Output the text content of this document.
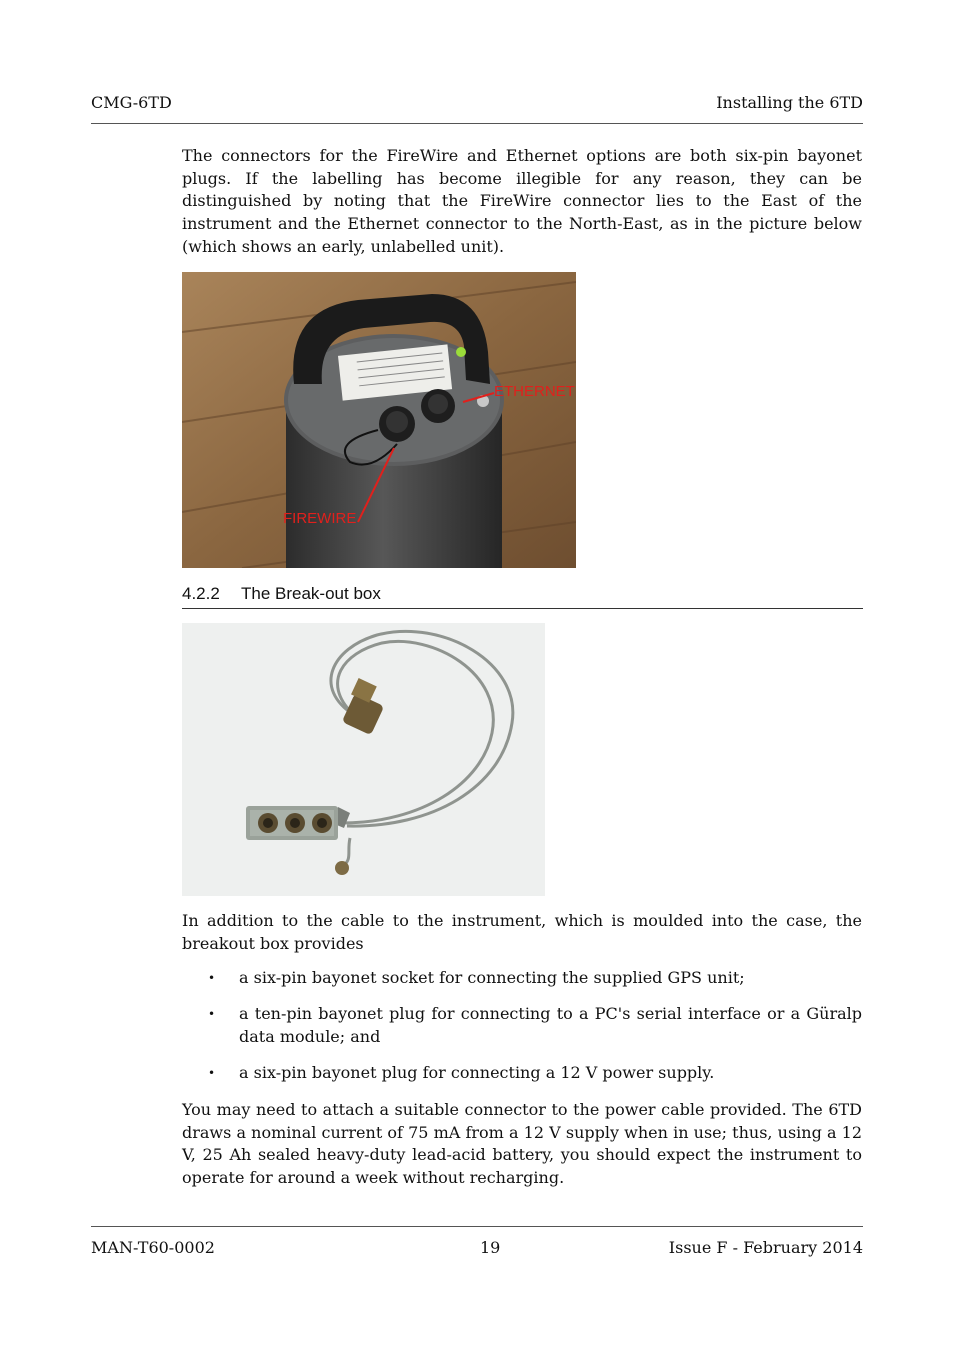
CMG-6TD	Installing the 6TD

The connectors for the FireWire and Ethernet options are both six-pin bayonet plugs. If the labelling has become illegible for any reason, they can be distinguished by noting that the FireWire connector lies to the East of the instrument and the Ethernet connector to the North-East, as in the picture below (which shows an early, unlabelled unit).

ETHERNET
FIREWIRE
4.2.2 The Break-out box

In addition to the cable to the instrument, which is moulded into the case, the breakout box provides

• a six-pin bayonet socket for connecting the supplied GPS unit;
• a ten-pin bayonet plug for connecting to a PC's serial interface or a Güralp data module; and
• a six-pin bayonet plug for connecting a 12 V power supply.

You may need to attach a suitable connector to the power cable provided. The 6TD draws a nominal current of 75 mA from a 12 V supply when in use; thus, using a 12 V, 25 Ah sealed heavy-duty lead-acid battery, you should expect the instrument to operate for around a week without recharging.

MAN-T60-0002	19	Issue F - February 2014
